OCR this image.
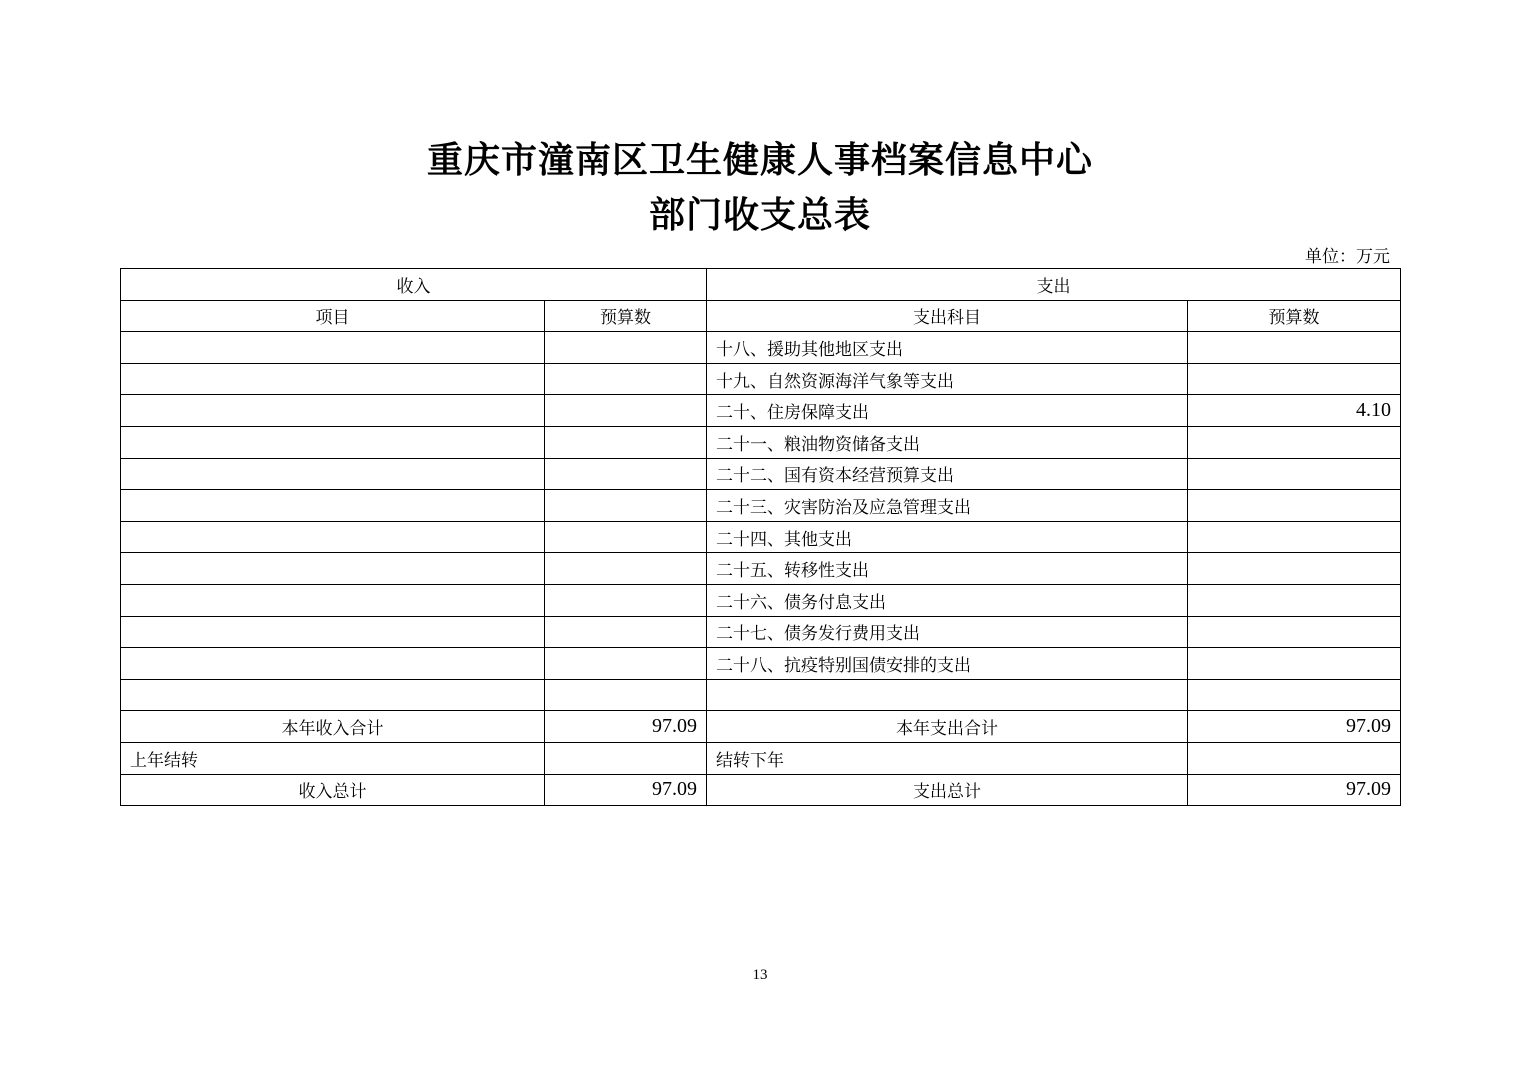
重庆市潼南区卫生健康人事档案信息中心
部门收支总表
单位：万元
收入		支出	
项目	预算数	支出科目	预算数
		十八、援助其他地区支出	
		十九、自然资源海洋气象等支出	
		二十、住房保障支出	4.10
		二十一、粮油物资储备支出	
		二十二、国有资本经营预算支出	
		二十三、灾害防治及应急管理支出	
		二十四、其他支出	
		二十五、转移性支出	
		二十六、债务付息支出	
		二十七、债务发行费用支出	
		二十八、抗疫特别国债安排的支出	

本年收入合计	97.09	本年支出合计	97.09
上年结转		结转下年	
收入总计	97.09	支出总计	97.09
13
